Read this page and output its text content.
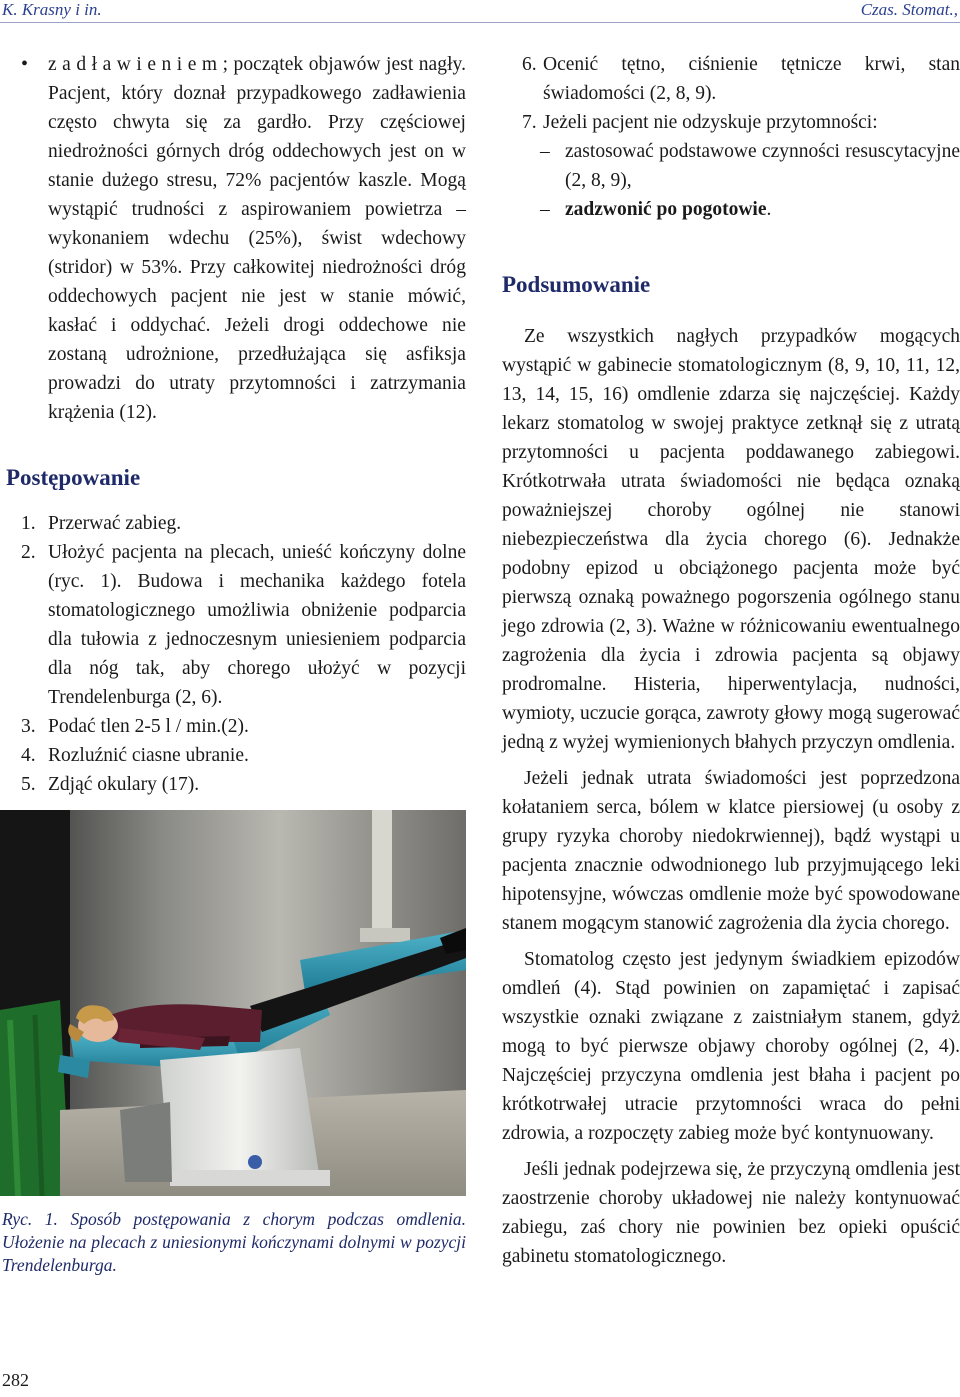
K. Krasny i in.	Czas. Stomat.,
• z a d ł a w i e n i e m ; początek objawów jest nagły. Pacjent, który doznał przypadkowego zadławienia często chwyta się za gardło. Przy częściowej niedrożności górnych dróg oddechowych jest on w stanie dużego stresu, 72% pacjentów kaszle. Mogą wystąpić trudności z aspirowaniem powietrza – wykonaniem wdechu (25%), świst wdechowy (stridor) w 53%. Przy całkowitej niedrożności dróg oddechowych pacjent nie jest w stanie mówić, kasłać i oddychać. Jeżeli drogi oddechowe nie zostaną udrożnione, przedłużająca się asfiksja prowadzi do utraty przytomności i zatrzymania krążenia (12).

Postępowanie
1. Przerwać zabieg.
2. Ułożyć pacjenta na plecach, unieść kończyny dolne (ryc. 1). Budowa i mechanika każdego fotela stomatologicznego umożliwia obniżenie podparcia dla tułowia z jednoczesnym uniesieniem podparcia dla nóg tak, aby chorego ułożyć w pozycji Trendelenburga (2, 6).
3. Podać tlen 2-5 l / min.(2).
4. Rozluźnić ciasne ubranie.
5. Zdjąć okulary (17).

Ryc. 1. Sposób postępowania z chorym podczas omdlenia. Ułożenie na plecach z uniesionymi kończynami dolnymi w pozycji Trendelenburga.

6. Ocenić tętno, ciśnienie tętnicze krwi, stan świadomości (2, 8, 9).
7. Jeżeli pacjent nie odzyskuje przytomności:
– zastosować podstawowe czynności resuscytacyjne (2, 8, 9),
– zadzwonić po pogotowie.
Podsumowanie

Ze wszystkich nagłych przypadków mogących wystąpić w gabinecie stomatologicznym (8, 9, 10, 11, 12, 13, 14, 15, 16) omdlenie zdarza się najczęściej. Każdy lekarz stomatolog w swojej praktyce zetknął się z utratą przytomności u pacjenta poddawanego zabiegowi. Krótkotrwała utrata świadomości nie będąca oznaką poważniejszej choroby ogólnej nie stanowi niebezpieczeństwa dla życia chorego (6). Jednakże podobny epizod u obciążonego pacjenta może być pierwszą oznaką poważnego pogorszenia ogólnego stanu jego zdrowia (2, 3). Ważne w różnicowaniu ewentualnego zagrożenia dla życia i zdrowia pacjenta są objawy prodromalne. Histeria, hiperwentylacja, nudności, wymioty, uczucie gorąca, zawroty głowy mogą sugerować jedną z wyżej wymienionych błahych przyczyn omdlenia.

Jeżeli jednak utrata świadomości jest poprzedzona kołataniem serca, bólem w klatce piersiowej (u osoby z grupy ryzyka choroby niedokrwiennej), bądź wystąpi u pacjenta znacznie odwodnionego lub przyjmującego leki hipotensyjne, wówczas omdlenie może być spowodowane stanem mogącym stanowić zagrożenia dla życia chorego.

Stomatolog często jest jedynym świadkiem epizodów omdleń (4). Stąd powinien on zapamiętać i zapisać wszystkie oznaki związane z zaistniałym stanem, gdyż mogą to być pierwsze objawy choroby ogólnej (2, 4). Najczęściej przyczyna omdlenia jest błaha i pacjent po krótkotrwałej utracie przytomności wraca do pełni zdrowia, a rozpoczęty zabieg może być kontynuowany.

Jeśli jednak podejrzewa się, że przyczyną omdlenia jest zaostrzenie choroby układowej nie należy kontynuować zabiegu, zaś chory nie powinien bez opieki opuścić gabinetu stomatologicznego.

282
